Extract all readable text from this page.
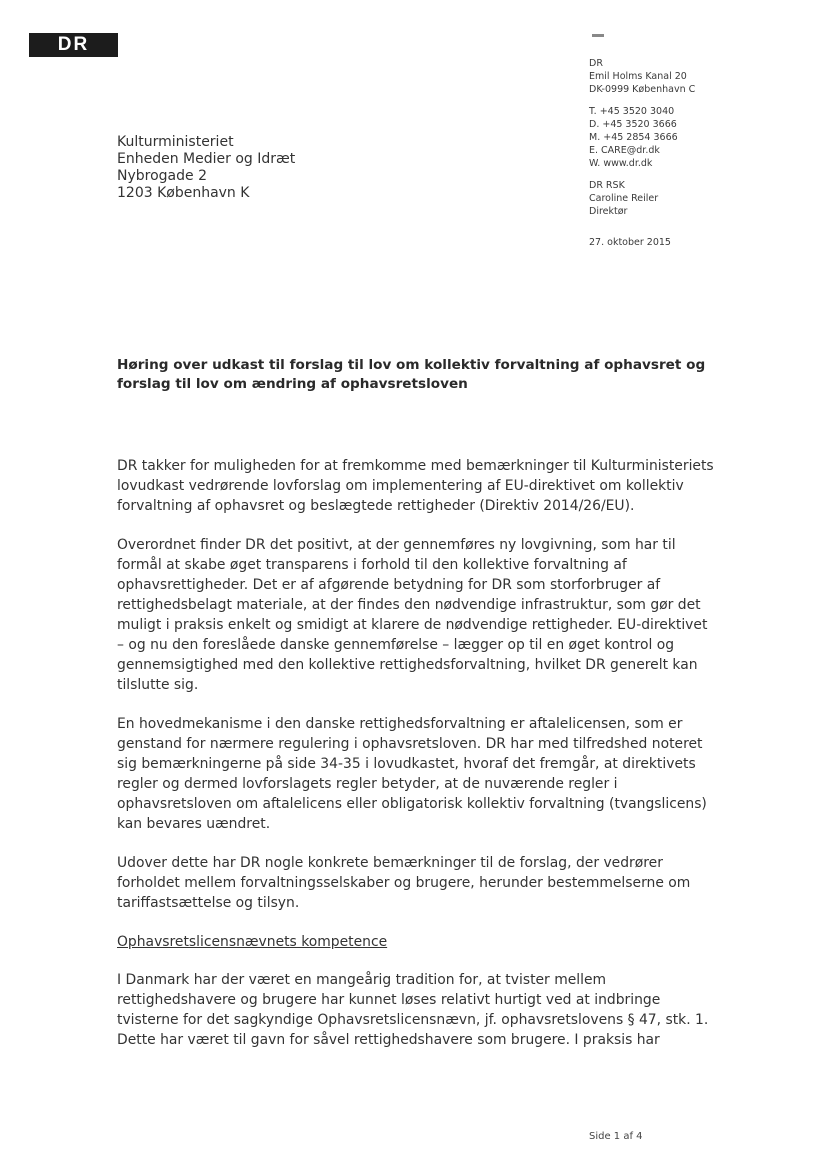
DR
DR
Emil Holms Kanal 20
DK-0999 København C
T. +45 3520 3040
D. +45 3520 3666
M. +45 2854 3666
E. CARE@dr.dk
W. www.dr.dk
DR RSK
Caroline Reiler
Direktør
27. oktober 2015
Kulturministeriet
Enheden Medier og Idræt
Nybrogade 2
1203 København K
Høring over udkast til forslag til lov om kollektiv forvaltning af ophavsret og forslag til lov om ændring af ophavsretsloven

DR takker for muligheden for at fremkomme med bemærkninger til Kulturministeriets lovudkast vedrørende lovforslag om implementering af EU-direktivet om kollektiv forvaltning af ophavsret og beslægtede rettigheder (Direktiv 2014/26/EU).

Overordnet finder DR det positivt, at der gennemføres ny lovgivning, som har til formål at skabe øget transparens i forhold til den kollektive forvaltning af ophavsrettigheder. Det er af afgørende betydning for DR som storforbruger af rettighedsbelagt materiale, at der findes den nødvendige infrastruktur, som gør det muligt i praksis enkelt og smidigt at klarere de nødvendige rettigheder. EU-direktivet – og nu den foreslåede danske gennemførelse – lægger op til en øget kontrol og gennemsigtighed med den kollektive rettighedsforvaltning, hvilket DR generelt kan tilslutte sig.

En hovedmekanisme i den danske rettighedsforvaltning er aftalelicensen, som er genstand for nærmere regulering i ophavsretsloven. DR har med tilfredshed noteret sig bemærkningerne på side 34-35 i lovudkastet, hvoraf det fremgår, at direktivets regler og dermed lovforslagets regler betyder, at de nuværende regler i ophavsretsloven om aftalelicens eller obligatorisk kollektiv forvaltning (tvangslicens) kan bevares uændret.

Udover dette har DR nogle konkrete bemærkninger til de forslag, der vedrører forholdet mellem forvaltningsselskaber og brugere, herunder bestemmelserne om tariffastsættelse og tilsyn.

Ophavsretslicensnævnets kompetence

I Danmark har der været en mangeårig tradition for, at tvister mellem rettighedshavere og brugere har kunnet løses relativt hurtigt ved at indbringe tvisterne for det sagkyndige Ophavsretslicensnævn, jf. ophavsretslovens § 47, stk. 1. Dette har været til gavn for såvel rettighedshavere som brugere. I praksis har

Side 1 af 4
